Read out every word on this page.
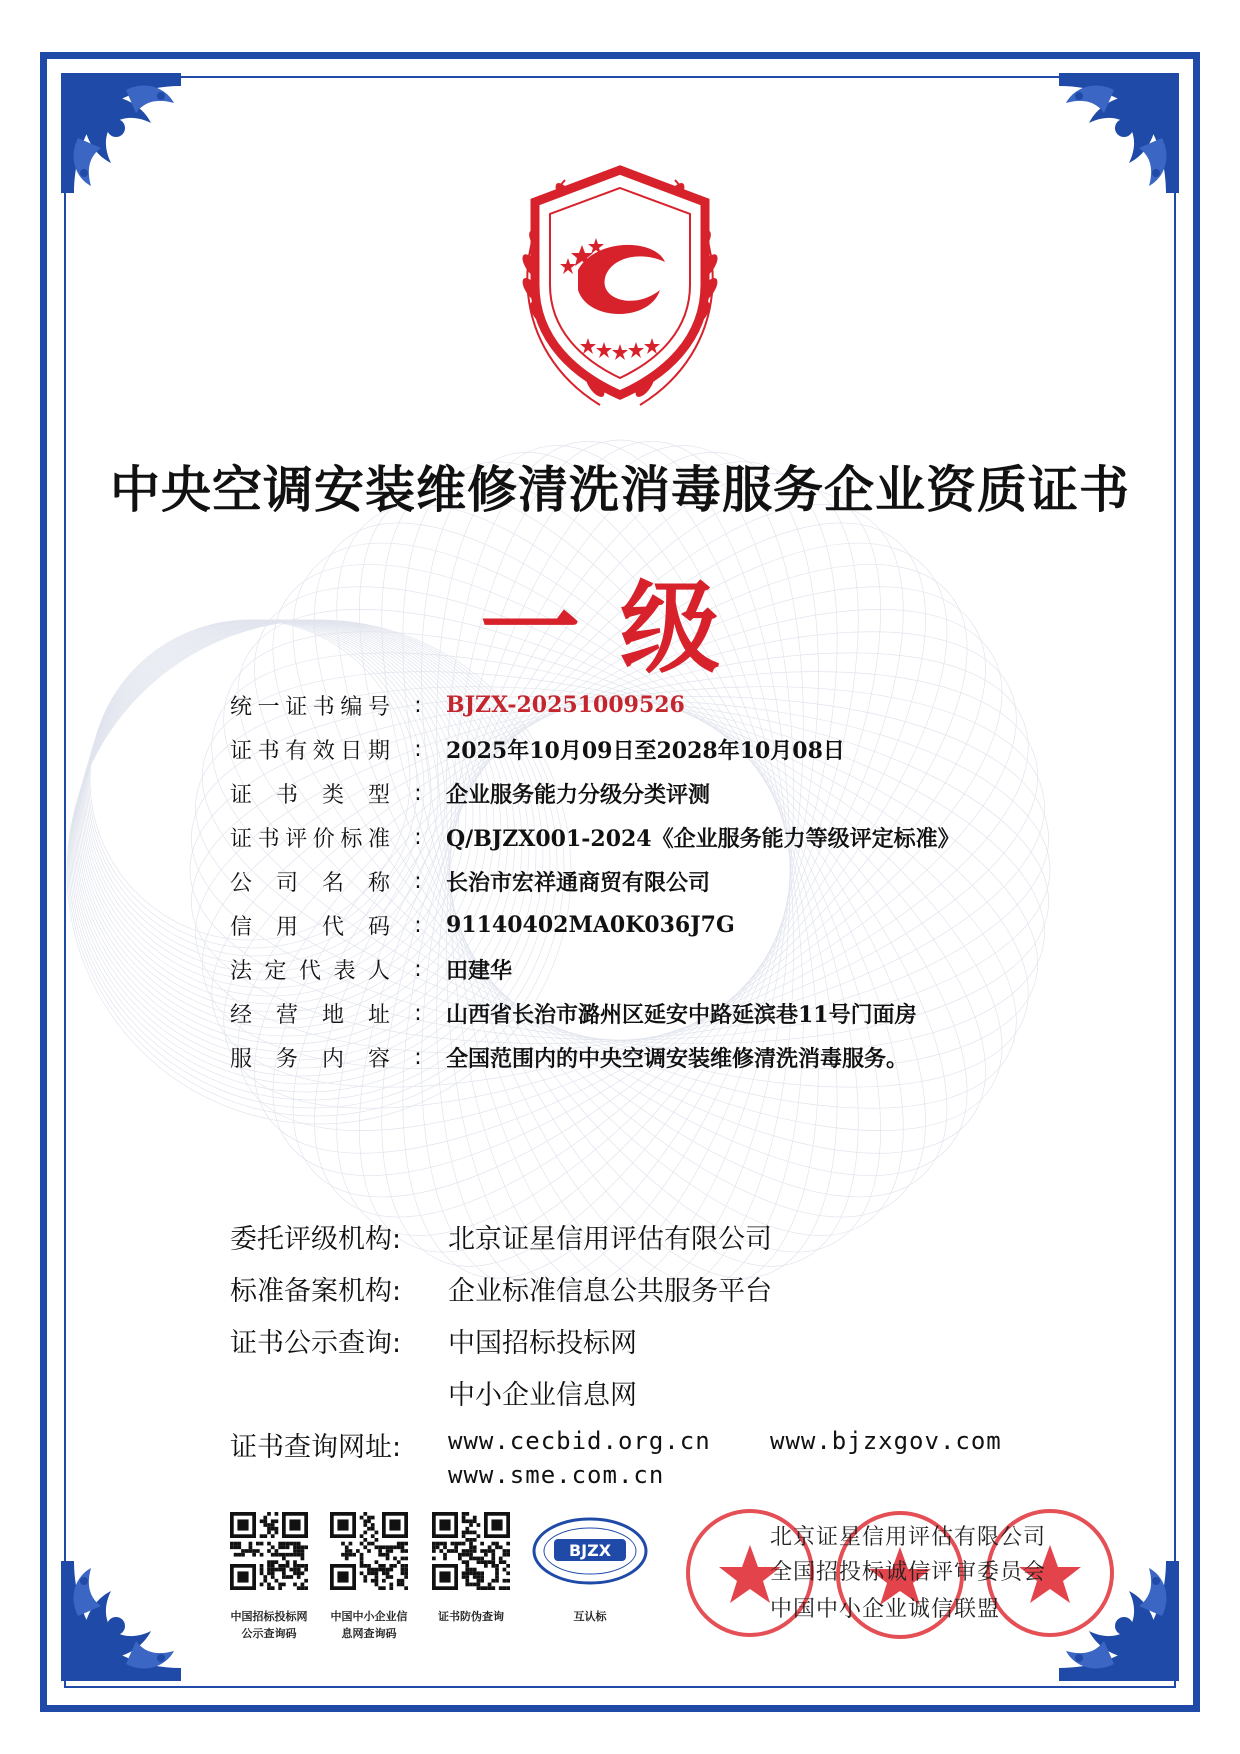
中央空调安装维修清洗消毒服务企业资质证书
一级
统 一 证 书 编 号	:	BJZX-20251009526
证 书 有 效 日 期	:	2025年10月09日至2028年10月08日
证 书 类 型	:	企业服务能力分级分类评测
证 书 评 价 标 准	:	Q/BJZX001-2024《企业服务能力等级评定标准》
公 司 名 称	:	长治市宏祥通商贸有限公司
信 用 代 码	:	91140402MA0K036J7G
法 定 代 表 人	:	田建华
经 营 地 址	:	山西省长治市潞州区延安中路延滨巷11号门面房
服 务 内 容	:	全国范围内的中央空调安装维修清洗消毒服务。
委托评级机构:	北京证星信用评估有限公司
标准备案机构:	企业标准信息公共服务平台
证书公示查询:	中国招标投标网
中小企业信息网
证书查询网址: www.cecbid.org.cn www.bjzxgov.com
www.sme.com.cn
中国招标投标网
公示查询码
中国中小企业信
息网查询码
证书防伪查询
BJZX
互认标
北京证星信用评估有限公司
全国招投标诚信评审委员会
中国中小企业诚信联盟
